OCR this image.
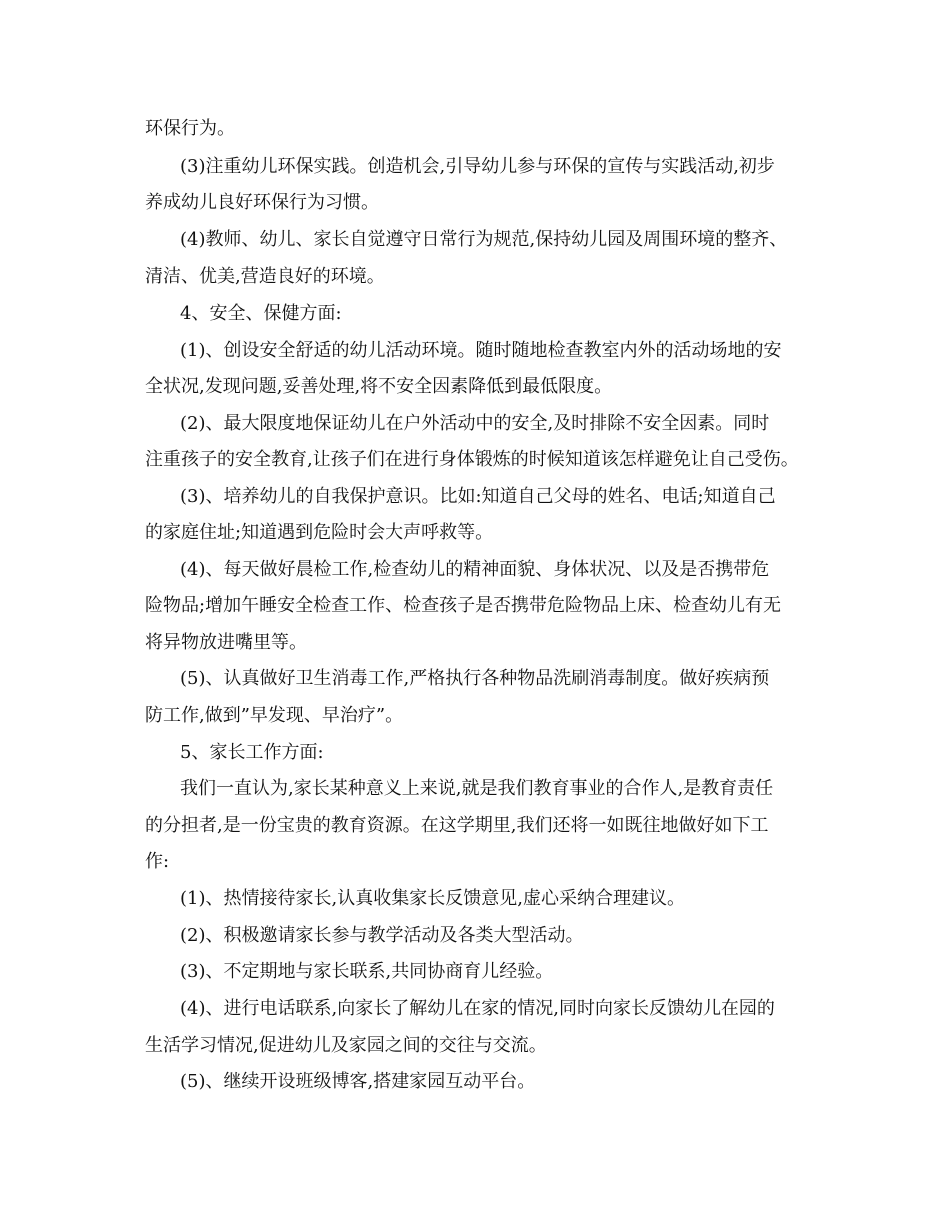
环保行为。
(3)注重幼儿环保实践。创造机会,引导幼儿参与环保的宣传与实践活动,初步
养成幼儿良好环保行为习惯。
(4)教师、幼儿、家长自觉遵守日常行为规范,保持幼儿园及周围环境的整齐、
清洁、优美,营造良好的环境。
4、安全、保健方面:
(1)、创设安全舒适的幼儿活动环境。随时随地检查教室内外的活动场地的安
全状况,发现问题,妥善处理,将不安全因素降低到最低限度。
(2)、最大限度地保证幼儿在户外活动中的安全,及时排除不安全因素。同时
注重孩子的安全教育,让孩子们在进行身体锻炼的时候知道该怎样避免让自己受伤。
(3)、培养幼儿的自我保护意识。比如:知道自己父母的姓名、电话;知道自己
的家庭住址;知道遇到危险时会大声呼救等。
(4)、每天做好晨检工作,检查幼儿的精神面貌、身体状况、以及是否携带危
险物品;增加午睡安全检查工作、检查孩子是否携带危险物品上床、检查幼儿有无
将异物放进嘴里等。
(5)、认真做好卫生消毒工作,严格执行各种物品洗刷消毒制度。做好疾病预
防工作,做到”早发现、早治疗”。
5、家长工作方面:
我们一直认为,家长某种意义上来说,就是我们教育事业的合作人,是教育责任
的分担者,是一份宝贵的教育资源。在这学期里,我们还将一如既往地做好如下工
作:
(1)、热情接待家长,认真收集家长反馈意见,虚心采纳合理建议。
(2)、积极邀请家长参与教学活动及各类大型活动。
(3)、不定期地与家长联系,共同协商育儿经验。
(4)、进行电话联系,向家长了解幼儿在家的情况,同时向家长反馈幼儿在园的
生活学习情况,促进幼儿及家园之间的交往与交流。
(5)、继续开设班级博客,搭建家园互动平台。
